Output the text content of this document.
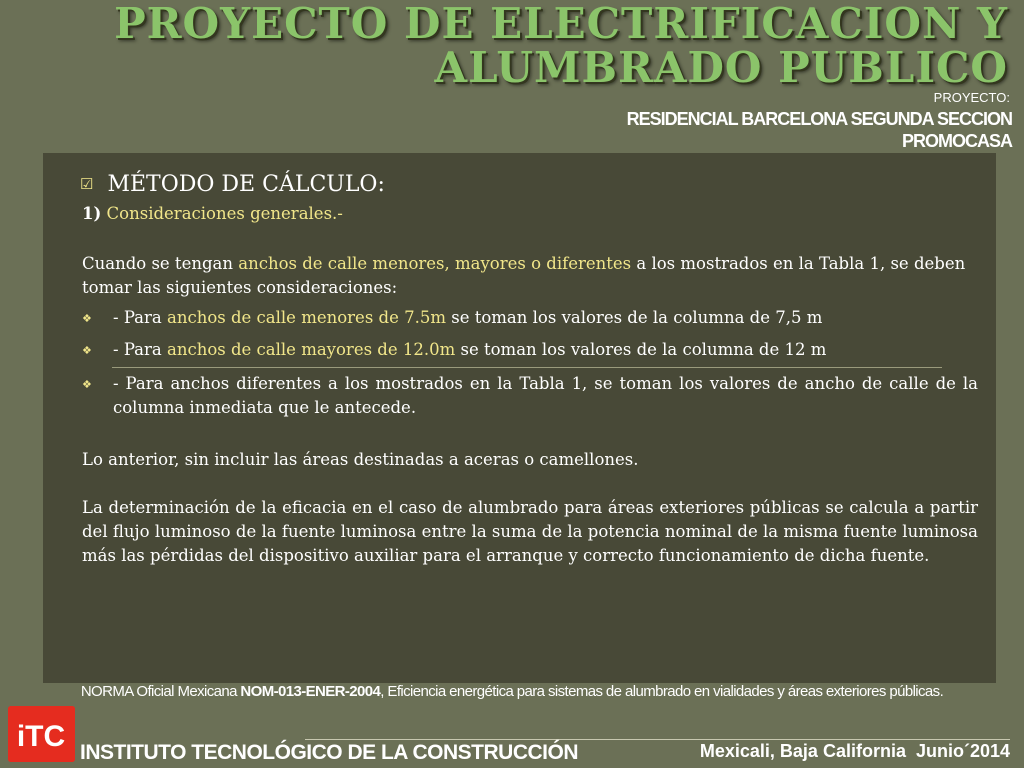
PROYECTO DE ELECTRIFICACION Y
ALUMBRADO PUBLICO
PROYECTO:
RESIDENCIAL BARCELONA SEGUNDA SECCION
PROMOCASA
☑ MÉTODO DE CÁLCULO:
1) Consideraciones generales.-
Cuando se tengan anchos de calle menores, mayores o diferentes a los mostrados en la Tabla 1, se deben tomar las siguientes consideraciones:
❖	- Para anchos de calle menores de 7.5m se toman los valores de la columna de 7,5 m
❖	- Para anchos de calle mayores de 12.0m se toman los valores de la columna de 12 m
❖	- Para anchos diferentes a los mostrados en la Tabla 1, se toman los valores de ancho de calle de la columna inmediata que le antecede.
Lo anterior, sin incluir las áreas destinadas a aceras o camellones.
La determinación de la eficacia en el caso de alumbrado para áreas exteriores públicas se calcula a partir del flujo luminoso de la fuente luminosa entre la suma de la potencia nominal de la misma fuente luminosa más las pérdidas del dispositivo auxiliar para el arranque y correcto funcionamiento de dicha fuente.
NORMA Oficial Mexicana NOM-013-ENER-2004, Eficiencia energética para sistemas de alumbrado en vialidades y áreas exteriores públicas.
iTC INSTITUTO TECNOLÓGICO DE LA CONSTRUCCIÓN	Mexicali, Baja California  Junio´2014
